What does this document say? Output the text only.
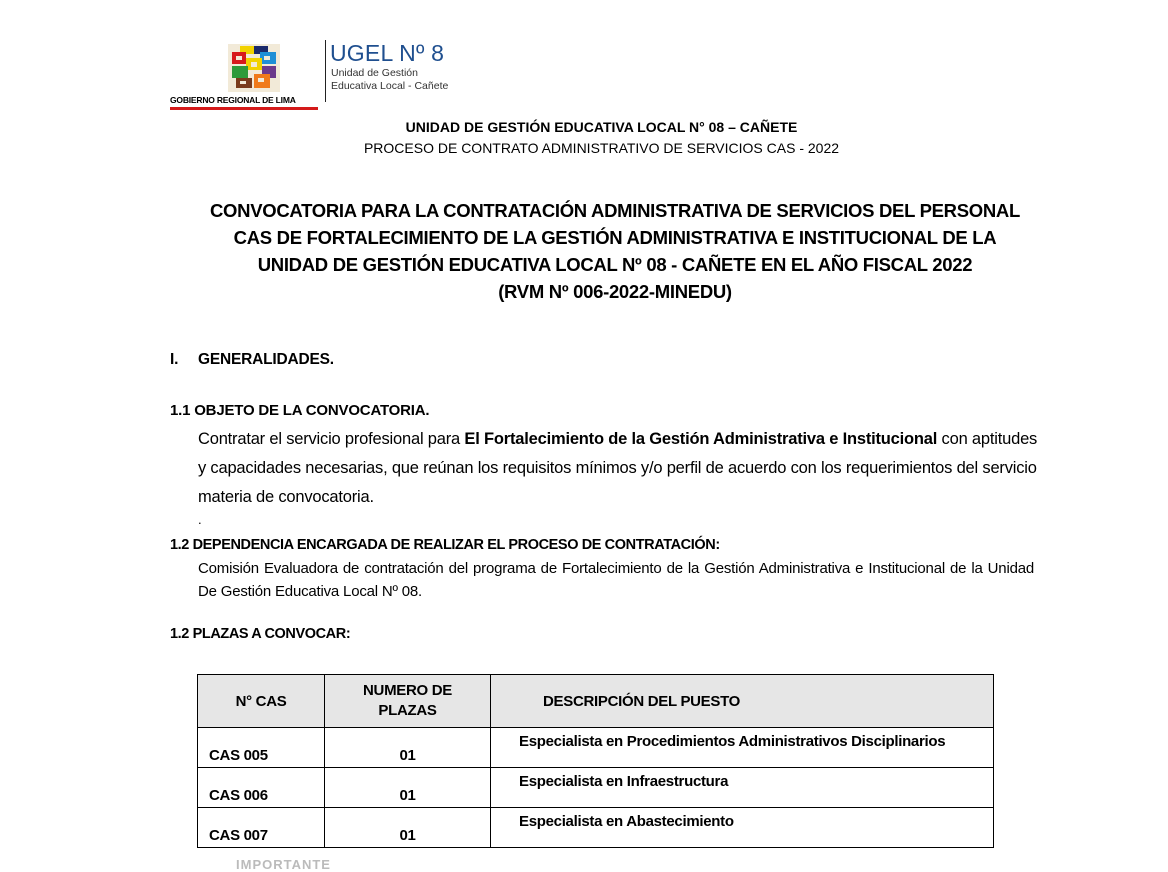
GOBIERNO REGIONAL DE LIMA
UGEL Nº 8
Unidad de Gestión
Educativa Local - Cañete
UNIDAD DE GESTIÓN EDUCATIVA LOCAL N° 08 – CAÑETE
PROCESO DE CONTRATO ADMINISTRATIVO DE SERVICIOS CAS - 2022
CONVOCATORIA PARA LA CONTRATACIÓN ADMINISTRATIVA DE SERVICIOS DEL PERSONAL
CAS DE FORTALECIMIENTO DE LA GESTIÓN ADMINISTRATIVA E INSTITUCIONAL DE LA
UNIDAD DE GESTIÓN EDUCATIVA LOCAL Nº 08 - CAÑETE EN EL AÑO FISCAL 2022
(RVM Nº 006-2022-MINEDU)
I. GENERALIDADES.
1.1 OBJETO DE LA CONVOCATORIA.
Contratar el servicio profesional para El Fortalecimiento de la Gestión Administrativa e Institucional con aptitudes y capacidades necesarias, que reúnan los requisitos mínimos y/o perfil de acuerdo con los requerimientos del servicio materia de convocatoria.
.
1.2 DEPENDENCIA ENCARGADA DE REALIZAR EL PROCESO DE CONTRATACIÓN:
Comisión Evaluadora de contratación del programa de Fortalecimiento de la Gestión Administrativa e Institucional de la Unidad De Gestión Educativa Local Nº 08.
1.2 PLAZAS A CONVOCAR:
N° CAS	NUMERO DE PLAZAS	DESCRIPCIÓN DEL PUESTO
CAS 005	01	Especialista en Procedimientos Administrativos Disciplinarios
CAS 006	01	Especialista en Infraestructura
CAS 007	01	Especialista en Abastecimiento
IMPORTANTE
